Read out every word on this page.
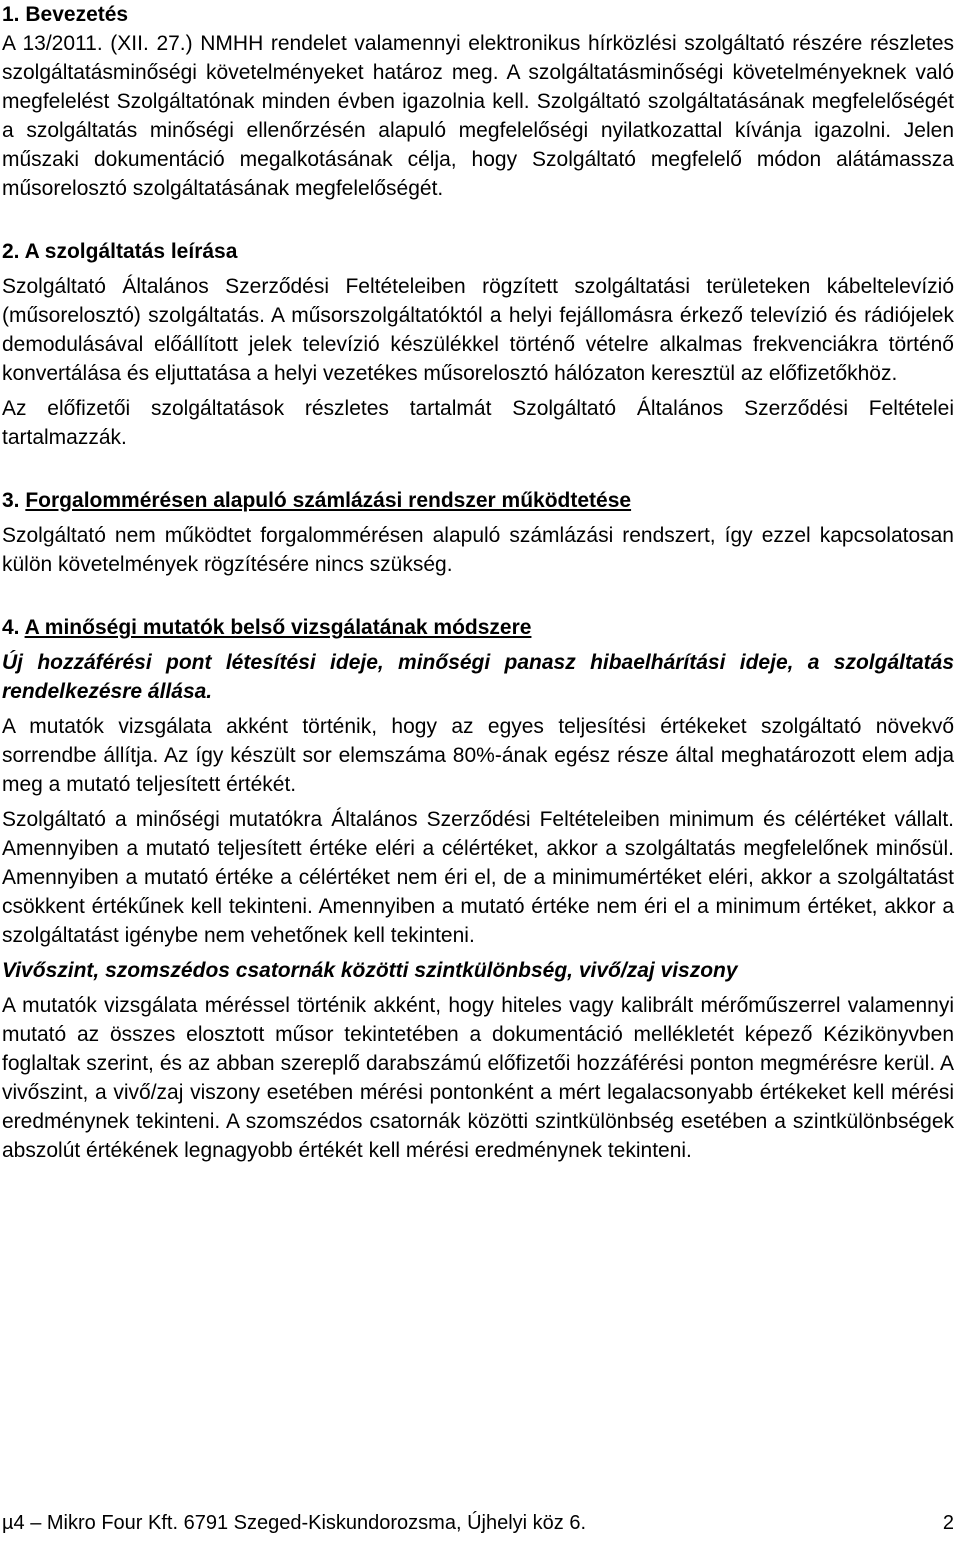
1. Bevezetés

A 13/2011. (XII. 27.) NMHH rendelet valamennyi elektronikus hírközlési szolgáltató részére részletes szolgáltatásminőségi követelményeket határoz meg. A szolgáltatásminőségi követelményeknek való megfelelést Szolgáltatónak minden évben igazolnia kell. Szolgáltató szolgáltatásának megfelelőségét a szolgáltatás minőségi ellenőrzésén alapuló megfelelőségi nyilatkozattal kívánja igazolni. Jelen műszaki dokumentáció megalkotásának célja, hogy Szolgáltató megfelelő módon alátámassza műsorelosztó szolgáltatásának megfelelőségét.

2. A szolgáltatás leírása

Szolgáltató Általános Szerződési Feltételeiben rögzített szolgáltatási területeken kábeltelevízió (műsorelosztó) szolgáltatás. A műsorszolgáltatóktól a helyi fejállomásra érkező televízió és rádiójelek demodulásával előállított jelek televízió készülékkel történő vételre alkalmas frekvenciákra történő konvertálása és eljuttatása a helyi vezetékes műsorelosztó hálózaton keresztül az előfizetőkhöz.

Az előfizetői szolgáltatások részletes tartalmát Szolgáltató Általános Szerződési Feltételei tartalmazzák.

3. Forgalommérésen alapuló számlázási rendszer működtetése

Szolgáltató nem működtet forgalommérésen alapuló számlázási rendszert, így ezzel kapcsolatosan külön követelmények rögzítésére nincs szükség.

4. A minőségi mutatók belső vizsgálatának módszere

Új hozzáférési pont létesítési ideje, minőségi panasz hibaelhárítási ideje, a szolgáltatás rendelkezésre állása.

A mutatók vizsgálata akként történik, hogy az egyes teljesítési értékeket szolgáltató növekvő sorrendbe állítja. Az így készült sor elemszáma 80%-ának egész része által meghatározott elem adja meg a mutató teljesített értékét.

Szolgáltató a minőségi mutatókra Általános Szerződési Feltételeiben minimum és célértéket vállalt. Amennyiben a mutató teljesített értéke eléri a célértéket, akkor a szolgáltatás megfelelőnek minősül. Amennyiben a mutató értéke a célértéket nem éri el, de a minimumértéket eléri, akkor a szolgáltatást csökkent értékűnek kell tekinteni. Amennyiben a mutató értéke nem éri el a minimum értéket, akkor a szolgáltatást igénybe nem vehetőnek kell tekinteni.

Vivőszint, szomszédos csatornák közötti szintkülönbség, vivő/zaj viszony

A mutatók vizsgálata méréssel történik akként, hogy hiteles vagy kalibrált mérőműszerrel valamennyi mutató az összes elosztott műsor tekintetében a dokumentáció mellékletét képező Kézikönyvben foglaltak szerint, és az abban szereplő darabszámú előfizetői hozzáférési ponton megmérésre kerül. A vivőszint, a vivő/zaj viszony esetében mérési pontonként a mért legalacsonyabb értékeket kell mérési eredménynek tekinteni. A szomszédos csatornák közötti szintkülönbség esetében a szintkülönbségek abszolút értékének legnagyobb értékét kell mérési eredménynek tekinteni.

µ4 – Mikro Four Kft. 6791 Szeged-Kiskundorozsma, Újhelyi köz 6.	2
